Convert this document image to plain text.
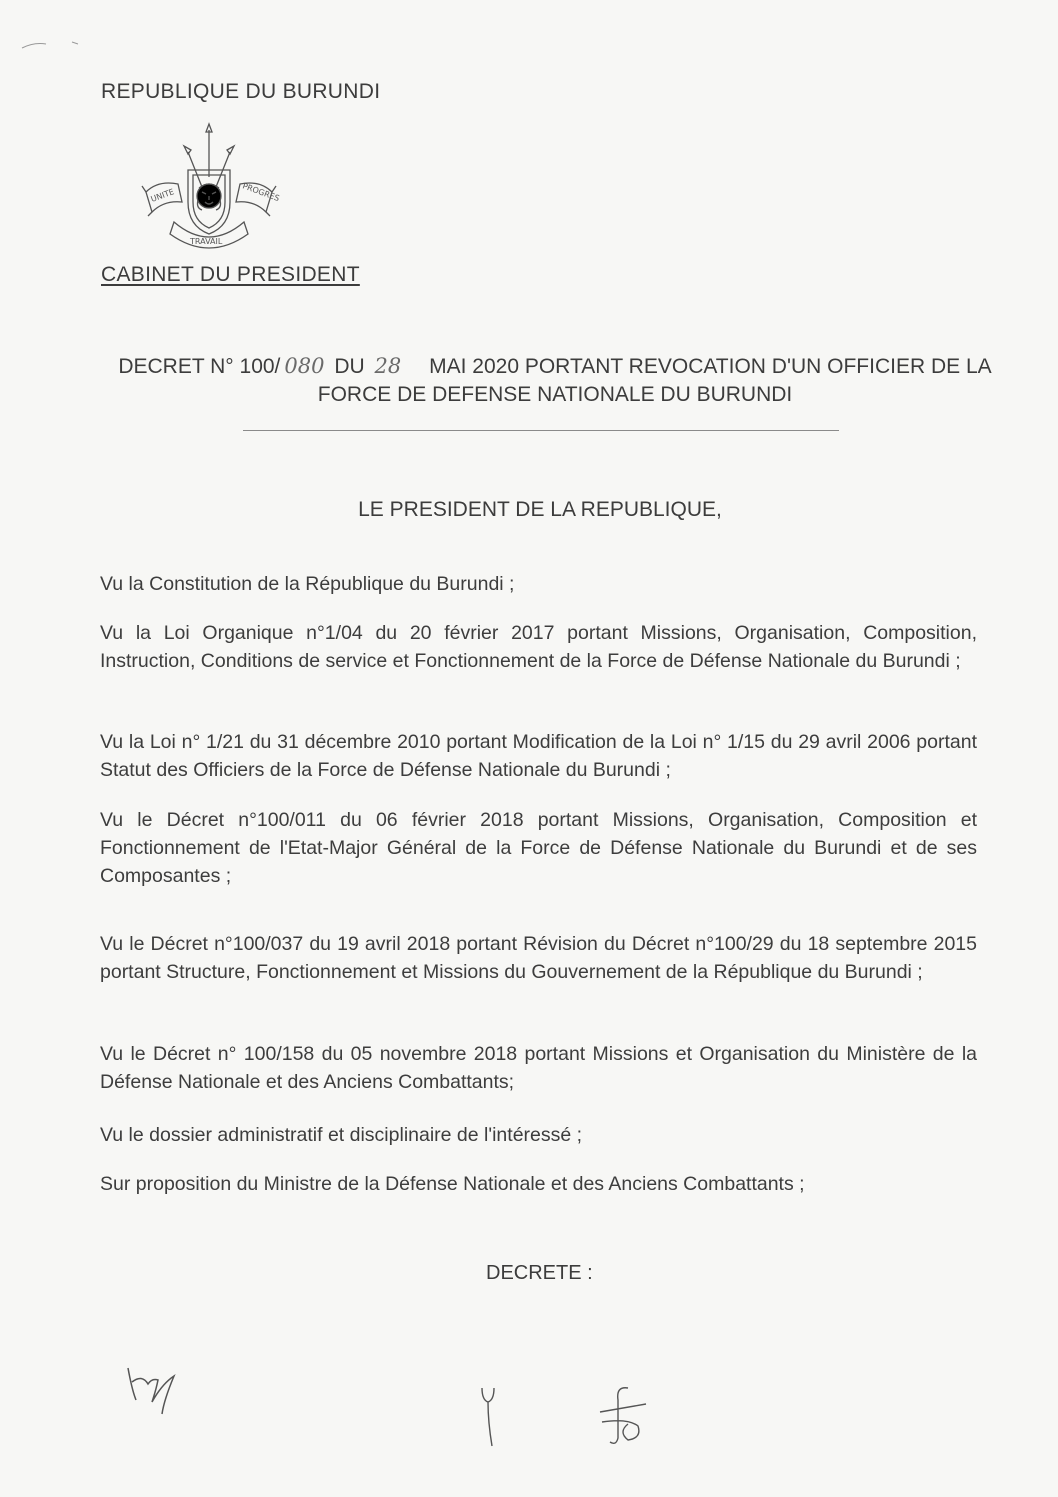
REPUBLIQUE DU BURUNDI
UNITE
TRAVAIL
PROGRES
CABINET DU PRESIDENT
DECRET N° 100/ 080 DU 28 MAI 2020 PORTANT REVOCATION D'UN OFFICIER DE LA
FORCE DE DEFENSE NATIONALE DU BURUNDI
LE PRESIDENT DE LA REPUBLIQUE,
Vu la Constitution de la République du Burundi ;
Vu la Loi Organique n°1/04 du 20 février 2017 portant Missions, Organisation, Composition, Instruction, Conditions de service et Fonctionnement de la Force de Défense Nationale du Burundi ;
Vu la Loi n° 1/21 du 31 décembre 2010 portant Modification de la Loi n° 1/15 du 29 avril 2006 portant Statut des Officiers de la Force de Défense Nationale du Burundi ;
Vu le Décret n°100/011 du 06 février 2018 portant Missions, Organisation, Composition et Fonctionnement de l'Etat-Major Général de la Force de Défense Nationale du Burundi et de ses Composantes ;
Vu le Décret n°100/037 du 19 avril 2018 portant Révision du Décret n°100/29 du 18 septembre 2015 portant Structure, Fonctionnement et Missions du Gouvernement de la République du Burundi ;
Vu le Décret n° 100/158 du 05 novembre 2018 portant Missions et Organisation du Ministère de la Défense Nationale et des Anciens Combattants;
Vu le dossier administratif et disciplinaire de l'intéressé ;
Sur proposition du Ministre de la Défense Nationale et des Anciens Combattants ;
DECRETE :
